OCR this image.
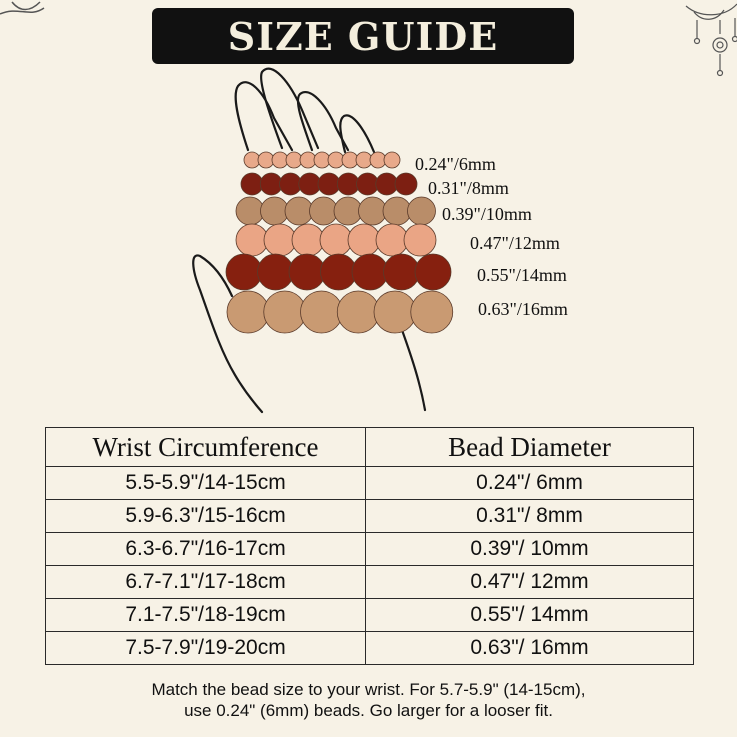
0.24"/6mm
0.31"/8mm
0.39"/10mm
0.47"/12mm
0.55"/14mm
0.63"/16mm
SIZE GUIDE
Wrist Circumference	Bead Diameter
5.5-5.9"/14-15cm	0.24"/ 6mm
5.9-6.3"/15-16cm	0.31"/ 8mm
6.3-6.7"/16-17cm	0.39"/ 10mm
6.7-7.1"/17-18cm	0.47"/ 12mm
7.1-7.5"/18-19cm	0.55"/ 14mm
7.5-7.9"/19-20cm	0.63"/ 16mm
Match the bead size to your wrist. For 5.7-5.9" (14-15cm),
use 0.24" (6mm) beads. Go larger for a looser fit.
